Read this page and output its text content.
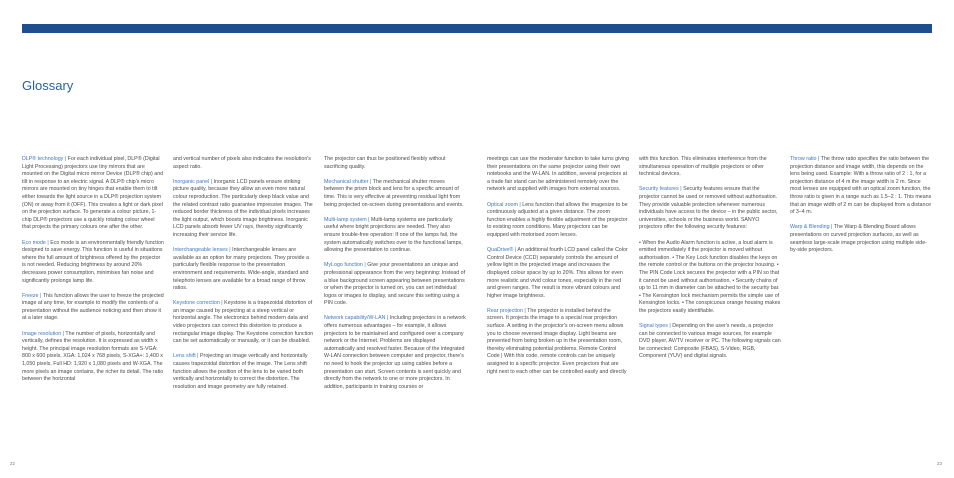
Glossary

DLP® technology | For each individual pixel, DLP® (Digital Light Processing) projectors use tiny mirrors that are mounted on the Digital micro mirror Device (DLP® chip) and tilt in response to an electric signal. A DLP® chip's micro mirrors are mounted on tiny hinges that enable them to tilt either towards the light source in a DLP® projection system (ON) or away from it (OFF). This creates a light or dark pixel on the projection surface. To generate a colour picture, 1-chip DLP® projectors use a quickly rotating colour wheel that projects the primary colours one after the other.

Eco mode | Eco mode is an environmentally friendly function designed to save energy. This function is useful in situations where the full amount of brightness offered by the projector is not needed. Reducing brightness by around 20% decreases power consumption, minimises fan noise and significantly prolongs lamp life.

Freeze | This function allows the user to freeze the projected image at any time, for example to modify the contents of a presentation without the audience noticing and then show it at a later stage.

Image resolution | The number of pixels, horizontally and vertically, defines the resolution. It is expressed as width x height. The principal image resolution formats are S-VGA: 800 x 600 pixels, XGA: 1,024 x 768 pixels, S-XGA+: 1,400 x 1,050 pixels, Full HD: 1,920 x 1,080 pixels and W-XGA. The more pixels an image contains, the richer its detail. The ratio between the horizontal

and vertical number of pixels also indicates the resolution's aspect ratio.

Inorganic panel | Inorganic LCD panels ensure striking picture quality, because they allow an even more natural colour reproduction. The particularly deep black value and the related contrast ratio guarantee impressive images. The reduced border thickness of the individual pixels increases the light output, which boosts image brightness. Inorganic LCD panels absorb fewer UV rays, thereby significantly increasing their service life.

Interchangeable lenses | Interchangeable lenses are available as an option for many projectors. They provide a particularly flexible response to the presentation environment and requirements. Wide-angle, standard and telephoto lenses are available for a broad range of throw ratios.

Keystone correction | Keystone is a trapezoidal distortion of an image caused by projecting at a steep vertical or horizontal angle. The electronics behind modern data and video projectors can correct this distortion to produce a rectangular image display. The Keystone correction function can be set automatically or manually, or it can be disabled.

Lens shift | Projecting an image vertically and horizontally causes trapezoidal distortion of the image. The Lens shift function allows the position of the lens to be varied both vertically and horizontally to correct the distortion. The resolution and image geometry are fully retained.

The projector can thus be positioned flexibly without sacrificing quality.

Mechanical shutter | The mechanical shutter moves between the prism block and lens for a specific amount of time. This is very effective at preventing residual light from being projected on-screen during presentations and events.

Multi-lamp system | Multi-lamp systems are particularly useful where bright projections are needed. They also ensure trouble-free operation: If one of the lamps fail, the system automatically switches over to the functional lamps, allowing the presentation to continue.

MyLogo function | Give your presentations an unique and professional appearance from the very beginning: Instead of a blue background screen appearing between presentations or when the projector is turned on, you can set individual logos or images to display, and secure this setting using a PIN code.

Network capability/W-LAN | Including projectors in a network offers numerous advantages – for example, it allows projectors to be maintained and configured over a company network or the Internet. Problems are displayed automatically and resolved faster. Because of the integrated W-LAN connection between computer and projector, there's no need to hook the projector up using cables before a presentation can start. Screen contents is sent quickly and directly from the network to one or more projectors. In addition, participants in training courses or

meetings can use the moderator function to take turns giving their presentations on the same projector using their own notebooks and the W-LAN. In addition, several projectors at a trade fair stand can be administered remotely over the network and supplied with images from external sources.

Optical zoom | Lens function that allows the imagesize to be continuously adjusted at a given distance. The zoom function enables a highly flexible adjustment of the projector to existing room conditions. Many projectors can be equipped with motorised zoom lenses.

QuaDrive® | An additional fourth LCD panel called the Color Control Device (CCD) separately controls the amount of yellow light in the projected image and increases the displayed colour space by up to 20%. This allows for even more realistic and vivid colour tones, especially in the red and green ranges. The result is more vibrant colours and higher image brightness.

Rear projection | The projector is installed behind the screen. It projects the image to a special rear projection surface. A setting in the projector's on-screen menu allows you to choose reversed image display. Light beams are prevented from being broken up in the presentation room, thereby eliminating potential problems. Remote Control Code | With this code, remote controls can be uniquely assigned to a specific projector. Even projectors that are right next to each other can be controlled easily and directly

with this function. This eliminates interference from the simultaneous operation of multiple projectors or other technical devices.

Security features | Security features ensure that the projector cannot be used or removed without authorisation. They provide valuable protection whenever numerous individuals have access to the device – in the public sector, universities, schools or the business world. SANYO projectors offer the following security features:

• When the Audio Alarm function is active, a loud alarm is emitted immediately if the projector is moved without authorisation. • The Key Lock function disables the keys on the remote control or the buttons on the projector housing. • The PIN Code Lock secures the projector with a PIN so that it cannot be used without authorisation. • Security chains of up to 11 mm in diameter can be attached to the security bar. • The Kensington lock mechanism permits the simple use of Kensington locks. • The conspicuous orange housing makes the projectors easily identifiable.

Signal types | Depending on the user's needs, a projector can be connected to various image sources, for example DVD player, AV/TV receiver or PC. The following signals can be connected: Composite (FBAS), S-Video, RGB, Component (YUV) and digital signals.

Throw ratio | The throw ratio specifies the ratio between the projection distance and image width, this depends on the lens being used. Example: With a throw ratio of 2 : 1, for a projection distance of 4 m the image width is 2 m. Since most lenses are equipped with an optical zoom function, the throw ratio is given in a range such as 1.5–2 : 1. This means that an image width of 2 m can be displayed from a distance of 3–4 m.

Warp & Blending | The Warp & Blending Board allows presentations on curved projection surfaces, as well as seamless large-scale image projection using multiple side-by-side projectors.

22	23
